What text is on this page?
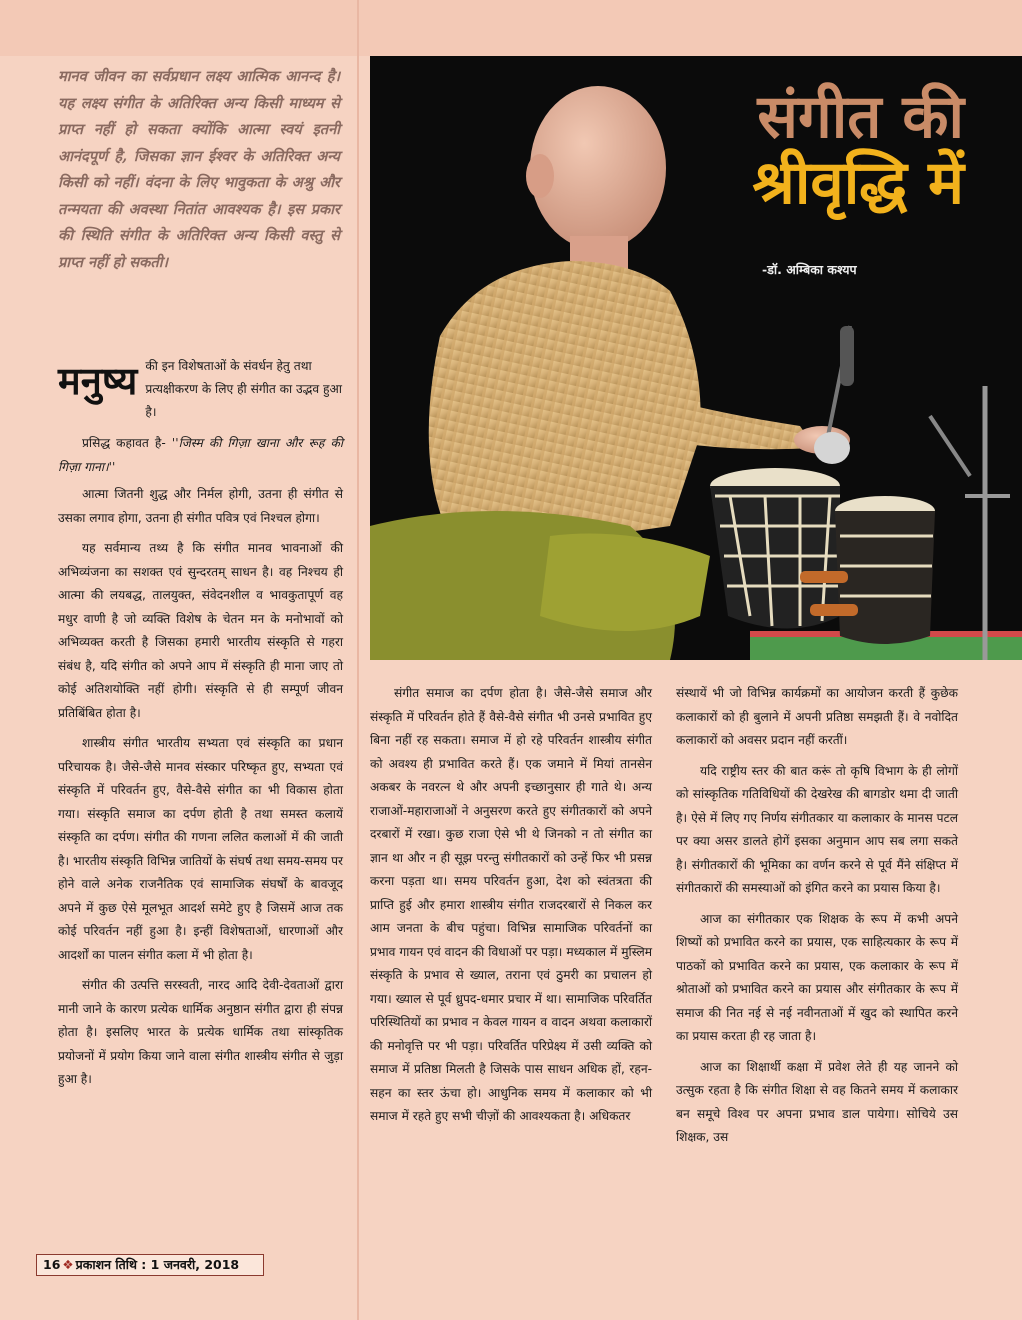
मानव जीवन का सर्वप्रधान लक्ष्य आत्मिक आनन्द है। यह लक्ष्य संगीत के अतिरिक्त अन्य किसी माध्यम से प्राप्त नहीं हो सकता क्योंकि आत्मा स्वयं इतनी आनंदपूर्ण है, जिसका ज्ञान ईश्वर के अतिरिक्त अन्य किसी को नहीं। वंदना के लिए भावुकता के अश्रु और तन्मयता की अवस्था नितांत आवश्यक है। इस प्रकार की स्थिति संगीत के अतिरिक्त अन्य किसी वस्तु से प्राप्त नहीं हो सकती।
मनुष्य की इन विशेषताओं के संवर्धन हेतु तथा प्रत्यक्षीकरण के लिए ही संगीत का उद्भव हुआ है।

प्रसिद्ध कहावत है- ''जिस्म की गिज़ा खाना और रूह की गिज़ा गाना।''

आत्मा जितनी शुद्ध और निर्मल होगी, उतना ही संगीत से उसका लगाव होगा, उतना ही संगीत पवित्र एवं निश्चल होगा।

यह सर्वमान्य तथ्य है कि संगीत मानव भावनाओं की अभिव्यंजना का सशक्त एवं सुन्दरतम् साधन है। वह निश्चय ही आत्मा की लयबद्ध, तालयुक्त, संवेदनशील व भावकुतापूर्ण वह मधुर वाणी है जो व्यक्ति विशेष के चेतन मन के मनोभावों को अभिव्यक्त करती है जिसका हमारी भारतीय संस्कृति से गहरा संबंध है, यदि संगीत को अपने आप में संस्कृति ही माना जाए तो कोई अतिशयोक्ति नहीं होगी। संस्कृति से ही सम्पूर्ण जीवन प्रतिबिंबित होता है।

शास्त्रीय संगीत भारतीय सभ्यता एवं संस्कृति का प्रधान परिचायक है। जैसे-जैसे मानव संस्कार परिष्कृत हुए, सभ्यता एवं संस्कृति में परिवर्तन हुए, वैसे-वैसे संगीत का भी विकास होता गया। संस्कृति समाज का दर्पण होती है तथा समस्त कलायें संस्कृति का दर्पण। संगीत की गणना ललित कलाओं में की जाती है। भारतीय संस्कृति विभिन्न जातियों के संघर्ष तथा समय-समय पर होने वाले अनेक राजनैतिक एवं सामाजिक संघर्षों के बावजूद अपने में कुछ ऐसे मूलभूत आदर्श समेटे हुए है जिसमें आज तक कोई परिवर्तन नहीं हुआ है। इन्हीं विशेषताओं, धारणाओं और आदर्शों का पालन संगीत कला में भी होता है।

संगीत की उत्पत्ति सरस्वती, नारद आदि देवी-देवताओं द्वारा मानी जाने के कारण प्रत्येक धार्मिक अनुष्ठान संगीत द्वारा ही संपन्न होता है। इसलिए भारत के प्रत्येक धार्मिक तथा सांस्कृतिक प्रयोजनों में प्रयोग किया जाने वाला संगीत शास्त्रीय संगीत से जुड़ा हुआ है।

16 ❖ प्रकाशन तिथि : 1 जनवरी, 2018
संगीत की
श्रीवृद्धि में
-डॉ. अम्बिका कश्यप

संगीत समाज का दर्पण होता है। जैसे-जैसे समाज और संस्कृति में परिवर्तन होते हैं वैसे-वैसे संगीत भी उनसे प्रभावित हुए बिना नहीं रह सकता। समाज में हो रहे परिवर्तन शास्त्रीय संगीत को अवश्य ही प्रभावित करते हैं। एक जमाने में मियां तानसेन अकबर के नवरत्न थे और अपनी इच्छानुसार ही गाते थे। अन्य राजाओं-महाराजाओं ने अनुसरण करते हुए संगीतकारों को अपने दरबारों में रखा। कुछ राजा ऐसे भी थे जिनको न तो संगीत का ज्ञान था और न ही सूझ परन्तु संगीतकारों को उन्हें फिर भी प्रसन्न करना पड़ता था। समय परिवर्तन हुआ, देश को स्वंतत्रता की प्राप्ति हुई और हमारा शास्त्रीय संगीत राजदरबारों से निकल कर आम जनता के बीच पहुंचा। विभिन्न सामाजिक परिवर्तनों का प्रभाव गायन एवं वादन की विधाओं पर पड़ा। मध्यकाल में मुस्लिम संस्कृति के प्रभाव से ख्याल, तराना एवं ठुमरी का प्रचालन हो गया। ख्याल से पूर्व ध्रुपद-धमार प्रचार में था। सामाजिक परिवर्तित परिस्थितियों का प्रभाव न केवल गायन व वादन अथवा कलाकारों की मनोवृत्ति पर भी पड़ा। परिवर्तित परिप्रेक्ष्य में उसी व्यक्ति को समाज में प्रतिष्ठा मिलती है जिसके पास साधन अधिक हों, रहन-सहन का स्तर ऊंचा हो। आधुनिक समय में कलाकार को भी समाज में रहते हुए सभी चीज़ों की आवश्यकता है। अधिकतर

संस्थायें भी जो विभिन्न कार्यक्रमों का आयोजन करती हैं कुछेक कलाकारों को ही बुलाने में अपनी प्रतिष्ठा समझती हैं। वे नवोदित कलाकारों को अवसर प्रदान नहीं करतीं।

यदि राष्ट्रीय स्तर की बात करूं तो कृषि विभाग के ही लोगों को सांस्कृतिक गतिविधियों की देखरेख की बागडोर थमा दी जाती है। ऐसे में लिए गए निर्णय संगीतकार या कलाकार के मानस पटल पर क्या असर डालते होगें इसका अनुमान आप सब लगा सकते है। संगीतकारों की भूमिका का वर्णन करने से पूर्व मैंने संक्षिप्त में संगीतकारों की समस्याओं को इंगित करने का प्रयास किया है।

आज का संगीतकार एक शिक्षक के रूप में कभी अपने शिष्यों को प्रभावित करने का प्रयास, एक साहित्यकार के रूप में पाठकों को प्रभावित करने का प्रयास, एक कलाकार के रूप में श्रोताओं को प्रभावित करने का प्रयास और संगीतकार के रूप में समाज की नित नई से नई नवीनताओं में खुद को स्थापित करने का प्रयास करता ही रह जाता है।

आज का शिक्षार्थी कक्षा में प्रवेश लेते ही यह जानने को उत्सुक रहता है कि संगीत शिक्षा से वह कितने समय में कलाकार बन समूचे विश्व पर अपना प्रभाव डाल पायेगा। सोचिये उस शिक्षक, उस
